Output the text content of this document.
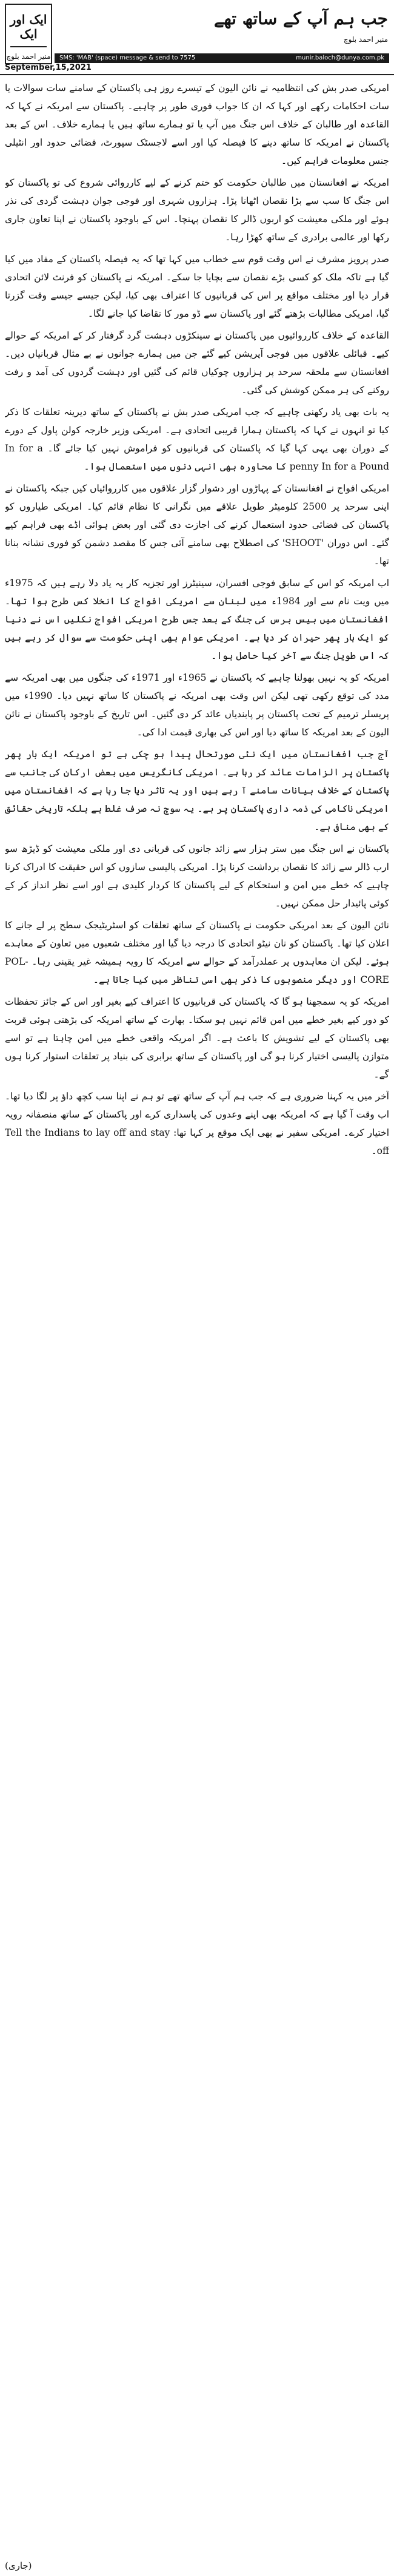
ایک اور ایک
منیر احمد بلوچ
جب ہم آپ کے ساتھ تھے
منیر احمد بلوچ
SMS: 'MAB' (space) message & send to 7575	munir.baloch@dunya.com.pk
September,15,2021

امریکی صدر بش کی انتظامیہ نے نائن الیون کے تیسرے روز ہی پاکستان کے سامنے سات سوالات یا سات احکامات رکھے اور کہا کہ ان کا جواب فوری طور پر چاہیے۔ پاکستان سے امریکہ نے کہا کہ القاعدہ اور طالبان کے خلاف اس جنگ میں آپ یا تو ہمارے ساتھ ہیں یا ہمارے خلاف۔ اس کے بعد پاکستان نے امریکہ کا ساتھ دینے کا فیصلہ کیا اور اسے لاجسٹک سپورٹ، فضائی حدود اور انٹیلی جنس معلومات فراہم کیں۔

امریکہ نے افغانستان میں طالبان حکومت کو ختم کرنے کے لیے کارروائی شروع کی تو پاکستان کو اس جنگ کا سب سے بڑا نقصان اٹھانا پڑا۔ ہزاروں شہری اور فوجی جوان دہشت گردی کی نذر ہوئے اور ملکی معیشت کو اربوں ڈالر کا نقصان پہنچا۔ اس کے باوجود پاکستان نے اپنا تعاون جاری رکھا اور عالمی برادری کے ساتھ کھڑا رہا۔

صدر پرویز مشرف نے اس وقت قوم سے خطاب میں کہا تھا کہ یہ فیصلہ پاکستان کے مفاد میں کیا گیا ہے تاکہ ملک کو کسی بڑے نقصان سے بچایا جا سکے۔ امریکہ نے پاکستان کو فرنٹ لائن اتحادی قرار دیا اور مختلف مواقع پر اس کی قربانیوں کا اعتراف بھی کیا، لیکن جیسے جیسے وقت گزرتا گیا، امریکی مطالبات بڑھتے گئے اور پاکستان سے ڈو مور کا تقاضا کیا جانے لگا۔

القاعدہ کے خلاف کارروائیوں میں پاکستان نے سینکڑوں دہشت گرد گرفتار کر کے امریکہ کے حوالے کیے۔ قبائلی علاقوں میں فوجی آپریشن کیے گئے جن میں ہمارے جوانوں نے بے مثال قربانیاں دیں۔ افغانستان سے ملحقہ سرحد پر ہزاروں چوکیاں قائم کی گئیں اور دہشت گردوں کی آمد و رفت روکنے کی ہر ممکن کوشش کی گئی۔

یہ بات بھی یاد رکھنی چاہیے کہ جب امریکی صدر بش نے پاکستان کے ساتھ دیرینہ تعلقات کا ذکر کیا تو انہوں نے کہا کہ پاکستان ہمارا قریبی اتحادی ہے۔ امریکی وزیر خارجہ کولن پاول کے دورے کے دوران بھی یہی کہا گیا کہ پاکستان کی قربانیوں کو فراموش نہیں کیا جائے گا۔ In for a penny In for a Pound کا محاورہ بھی انہی دنوں میں استعمال ہوا۔

امریکی افواج نے افغانستان کے پہاڑوں اور دشوار گزار علاقوں میں کارروائیاں کیں جبکہ پاکستان نے اپنی سرحد پر 2500 کلومیٹر طویل علاقے میں نگرانی کا نظام قائم کیا۔ امریکی طیاروں کو پاکستان کی فضائی حدود استعمال کرنے کی اجازت دی گئی اور بعض ہوائی اڈے بھی فراہم کیے گئے۔ اس دوران 'SHOOT' کی اصطلاح بھی سامنے آئی جس کا مقصد دشمن کو فوری نشانہ بنانا تھا۔

اب امریکہ کو اس کے سابق فوجی افسران، سینیٹرز اور تجزیہ کار یہ یاد دلا رہے ہیں کہ 1975ء میں ویت نام سے اور 1984ء میں لبنان سے امریکی افواج کا انخلا کس طرح ہوا تھا۔ افغانستان میں بیس برس کی جنگ کے بعد جس طرح امریکی افواج نکلیں اس نے دنیا کو ایک بار پھر حیران کر دیا ہے۔ امریکی عوام بھی اپنی حکومت سے سوال کر رہے ہیں کہ اس طویل جنگ سے آخر کیا حاصل ہوا۔

امریکہ کو یہ نہیں بھولنا چاہیے کہ پاکستان نے 1965ء اور 1971ء کی جنگوں میں بھی امریکہ سے مدد کی توقع رکھی تھی لیکن اس وقت بھی امریکہ نے پاکستان کا ساتھ نہیں دیا۔ 1990ء میں پریسلر ترمیم کے تحت پاکستان پر پابندیاں عائد کر دی گئیں۔ اس تاریخ کے باوجود پاکستان نے نائن الیون کے بعد امریکہ کا ساتھ دیا اور اس کی بھاری قیمت ادا کی۔

آج جب افغانستان میں ایک نئی صورتحال پیدا ہو چکی ہے تو امریکہ ایک بار پھر پاکستان پر الزامات عائد کر رہا ہے۔ امریکی کانگریس میں بعض ارکان کی جانب سے پاکستان کے خلاف بیانات سامنے آ رہے ہیں اور یہ تاثر دیا جا رہا ہے کہ افغانستان میں امریکی ناکامی کی ذمہ داری پاکستان پر ہے۔ یہ سوچ نہ صرف غلط ہے بلکہ تاریخی حقائق کے بھی منافی ہے۔

پاکستان نے اس جنگ میں ستر ہزار سے زائد جانوں کی قربانی دی اور ملکی معیشت کو ڈیڑھ سو ارب ڈالر سے زائد کا نقصان برداشت کرنا پڑا۔ امریکی پالیسی سازوں کو اس حقیقت کا ادراک کرنا چاہیے کہ خطے میں امن و استحکام کے لیے پاکستان کا کردار کلیدی ہے اور اسے نظر انداز کر کے کوئی پائیدار حل ممکن نہیں۔

نائن الیون کے بعد امریکی حکومت نے پاکستان کے ساتھ تعلقات کو اسٹریٹیجک سطح پر لے جانے کا اعلان کیا تھا۔ پاکستان کو نان نیٹو اتحادی کا درجہ دیا گیا اور مختلف شعبوں میں تعاون کے معاہدے ہوئے۔ لیکن ان معاہدوں پر عملدرآمد کے حوالے سے امریکہ کا رویہ ہمیشہ غیر یقینی رہا۔ POL-CORE اور دیگر منصوبوں کا ذکر بھی اسی تناظر میں کیا جاتا ہے۔

امریکہ کو یہ سمجھنا ہو گا کہ پاکستان کی قربانیوں کا اعتراف کیے بغیر اور اس کے جائز تحفظات کو دور کیے بغیر خطے میں امن قائم نہیں ہو سکتا۔ بھارت کے ساتھ امریکہ کی بڑھتی ہوئی قربت بھی پاکستان کے لیے تشویش کا باعث ہے۔ اگر امریکہ واقعی خطے میں امن چاہتا ہے تو اسے متوازن پالیسی اختیار کرنا ہو گی اور پاکستان کے ساتھ برابری کی بنیاد پر تعلقات استوار کرنا ہوں گے۔

آخر میں یہ کہنا ضروری ہے کہ جب ہم آپ کے ساتھ تھے تو ہم نے اپنا سب کچھ داؤ پر لگا دیا تھا۔ اب وقت آ گیا ہے کہ امریکہ بھی اپنے وعدوں کی پاسداری کرے اور پاکستان کے ساتھ منصفانہ رویہ اختیار کرے۔ امریکی سفیر نے بھی ایک موقع پر کہا تھا: Tell the Indians to lay off and stay off۔

(جاری)
